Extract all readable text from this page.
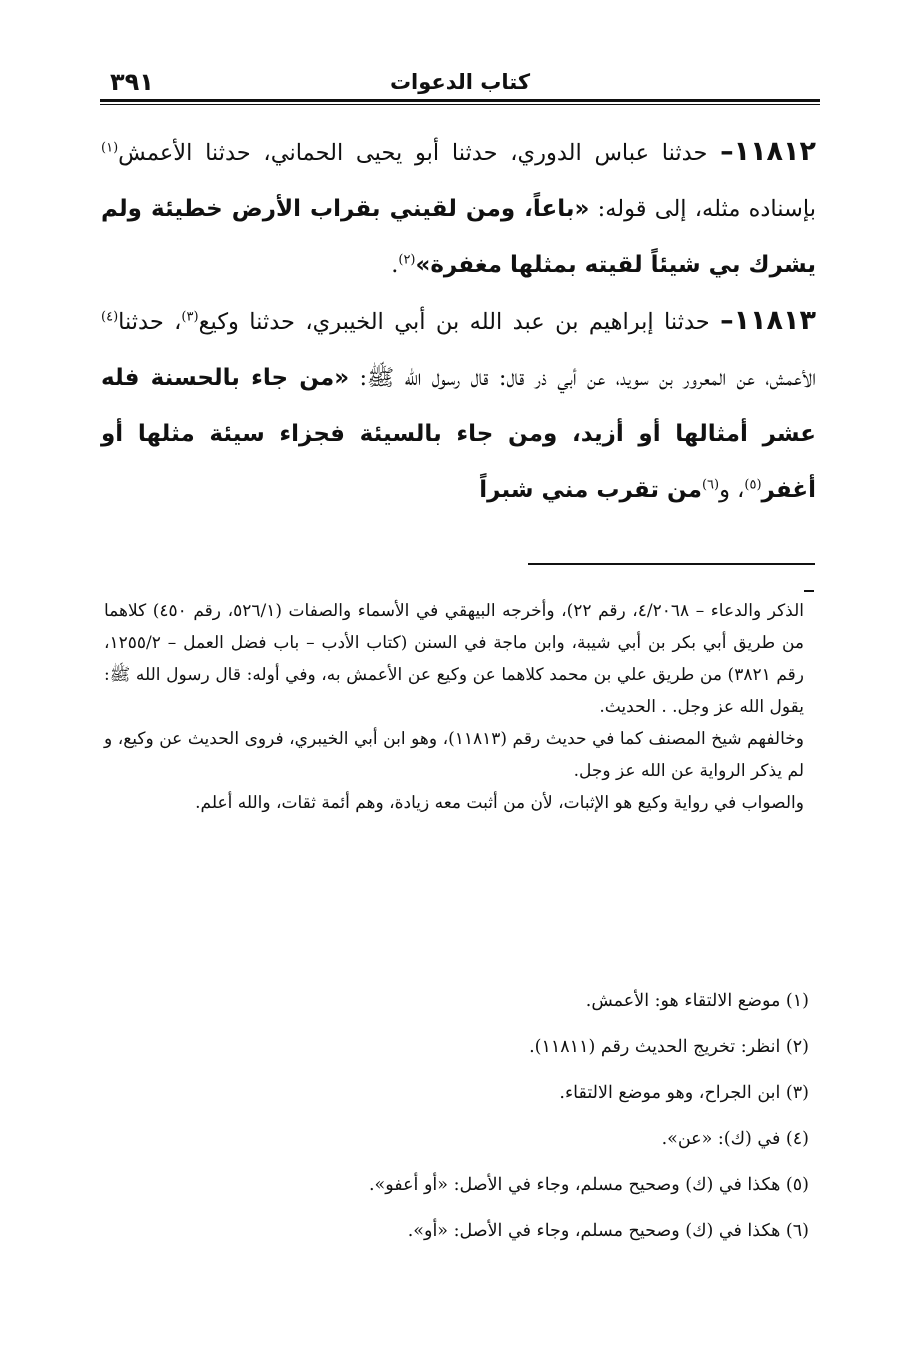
كتاب الدعوات
٣٩١

١١٨١٢– حدثنا عباس الدوري، حدثنا أبو يحيى الحماني، حدثنا الأعمش$^{(١)}$ بإسناده مثله، إلى قوله: «باعاً، ومن لقيني بقراب الأرض خطيئة ولم يشرك بي شيئاً لقيته بمثلها مغفرة»$^{(٢)}$.

١١٨١٣– حدثنا إبراهيم بن عبد الله بن أبي الخيبري، حدثنا وكيع$^{(٣)}$، حدثنا$^{(٤)}$ الأعمش، عن المعرور بن سويد، عن أبي ذر قال: قال رسول الله ﷺ: «من جاء بالحسنة فله عشر أمثالها أو أزيد، ومن جاء بالسيئة فجزاء سيئة مثلها أو أغفر$^{(٥)}$، و$^{(٦)}$من تقرب مني شبراً

الذكر والدعاء – ٤/٢٠٦٨، رقم ٢٢)، وأخرجه البيهقي في الأسماء والصفات (٥٢٦/١، رقم ٤٥٠) كلاهما من طريق أبي بكر بن أبي شيبة، وابن ماجة في السنن (كتاب الأدب – باب فضل العمل – ١٢٥٥/٢، رقم ٣٨٢١) من طريق علي بن محمد كلاهما عن وكيع عن الأعمش به، وفي أوله: قال رسول الله ﷺ: يقول الله عز وجل. . الحديث.

وخالفهم شيخ المصنف كما في حديث رقم (١١٨١٣)، وهو ابن أبي الخيبري، فروى الحديث عن وكيع، و لم يذكر الرواية عن الله عز وجل.

والصواب في رواية وكيع هو الإثبات، لأن من أثبت معه زيادة، وهم أئمة ثقات، والله أعلم.

(١) موضع الالتقاء هو: الأعمش.

(٢) انظر: تخريج الحديث رقم (١١٨١١).

(٣) ابن الجراح، وهو موضع الالتقاء.

(٤) في (ك): «عن».

(٥) هكذا في (ك) وصحيح مسلم، وجاء في الأصل: «أو أعفو».

(٦) هكذا في (ك) وصحيح مسلم، وجاء في الأصل: «أو».
